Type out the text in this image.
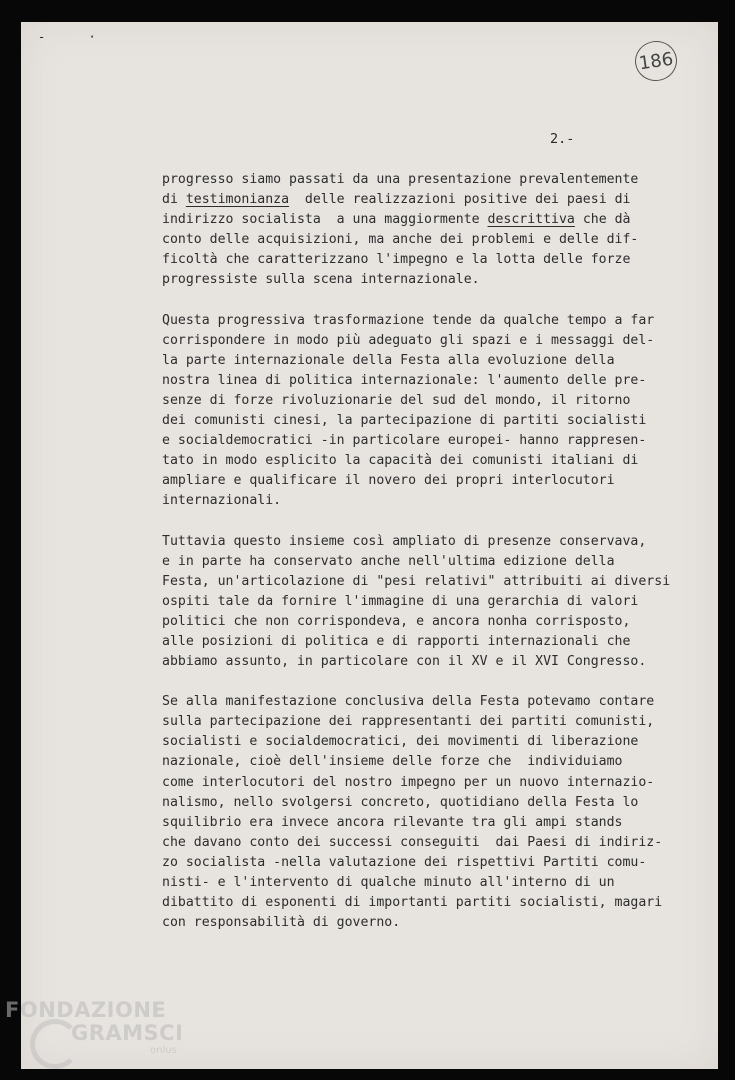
- ·
186
2.-
progresso siamo passati da una presentazione prevalentemente
di testimonianza  delle realizzazioni positive dei paesi di
indirizzo socialista  a una maggiormente descrittiva che dà
conto delle acquisizioni, ma anche dei problemi e delle dif-
ficoltà che caratterizzano l'impegno e la lotta delle forze
progressiste sulla scena internazionale.
Questa progressiva trasformazione tende da qualche tempo a far
corrispondere in modo più adeguato gli spazi e i messaggi del-
la parte internazionale della Festa alla evoluzione della
nostra linea di politica internazionale: l'aumento delle pre-
senze di forze rivoluzionarie del sud del mondo, il ritorno
dei comunisti cinesi, la partecipazione di partiti socialisti
e socialdemocratici -in particolare europei- hanno rappresen-
tato in modo esplicito la capacità dei comunisti italiani di
ampliare e qualificare il novero dei propri interlocutori
internazionali.
Tuttavia questo insieme così ampliato di presenze conservava,
e in parte ha conservato anche nell'ultima edizione della
Festa, un'articolazione di "pesi relativi" attribuiti ai diversi
ospiti tale da fornire l'immagine di una gerarchia di valori
politici che non corrispondeva, e ancora nonha corrisposto,
alle posizioni di politica e di rapporti internazionali che
abbiamo assunto, in particolare con il XV e il XVI Congresso.
Se alla manifestazione conclusiva della Festa potevamo contare
sulla partecipazione dei rappresentanti dei partiti comunisti,
socialisti e socialdemocratici, dei movimenti di liberazione
nazionale, cioè dell'insieme delle forze che  individuiamo
come interlocutori del nostro impegno per un nuovo internazio-
nalismo, nello svolgersi concreto, quotidiano della Festa lo
squilibrio era invece ancora rilevante tra gli ampi stands
che davano conto dei successi conseguiti  dai Paesi di indiriz-
zo socialista -nella valutazione dei rispettivi Partiti comu-
nisti- e l'intervento di qualche minuto all'interno di un
dibattito di esponenti di importanti partiti socialisti, magari
con responsabilità di governo.
FONDAZIONE
GRAMSCI
onlus
